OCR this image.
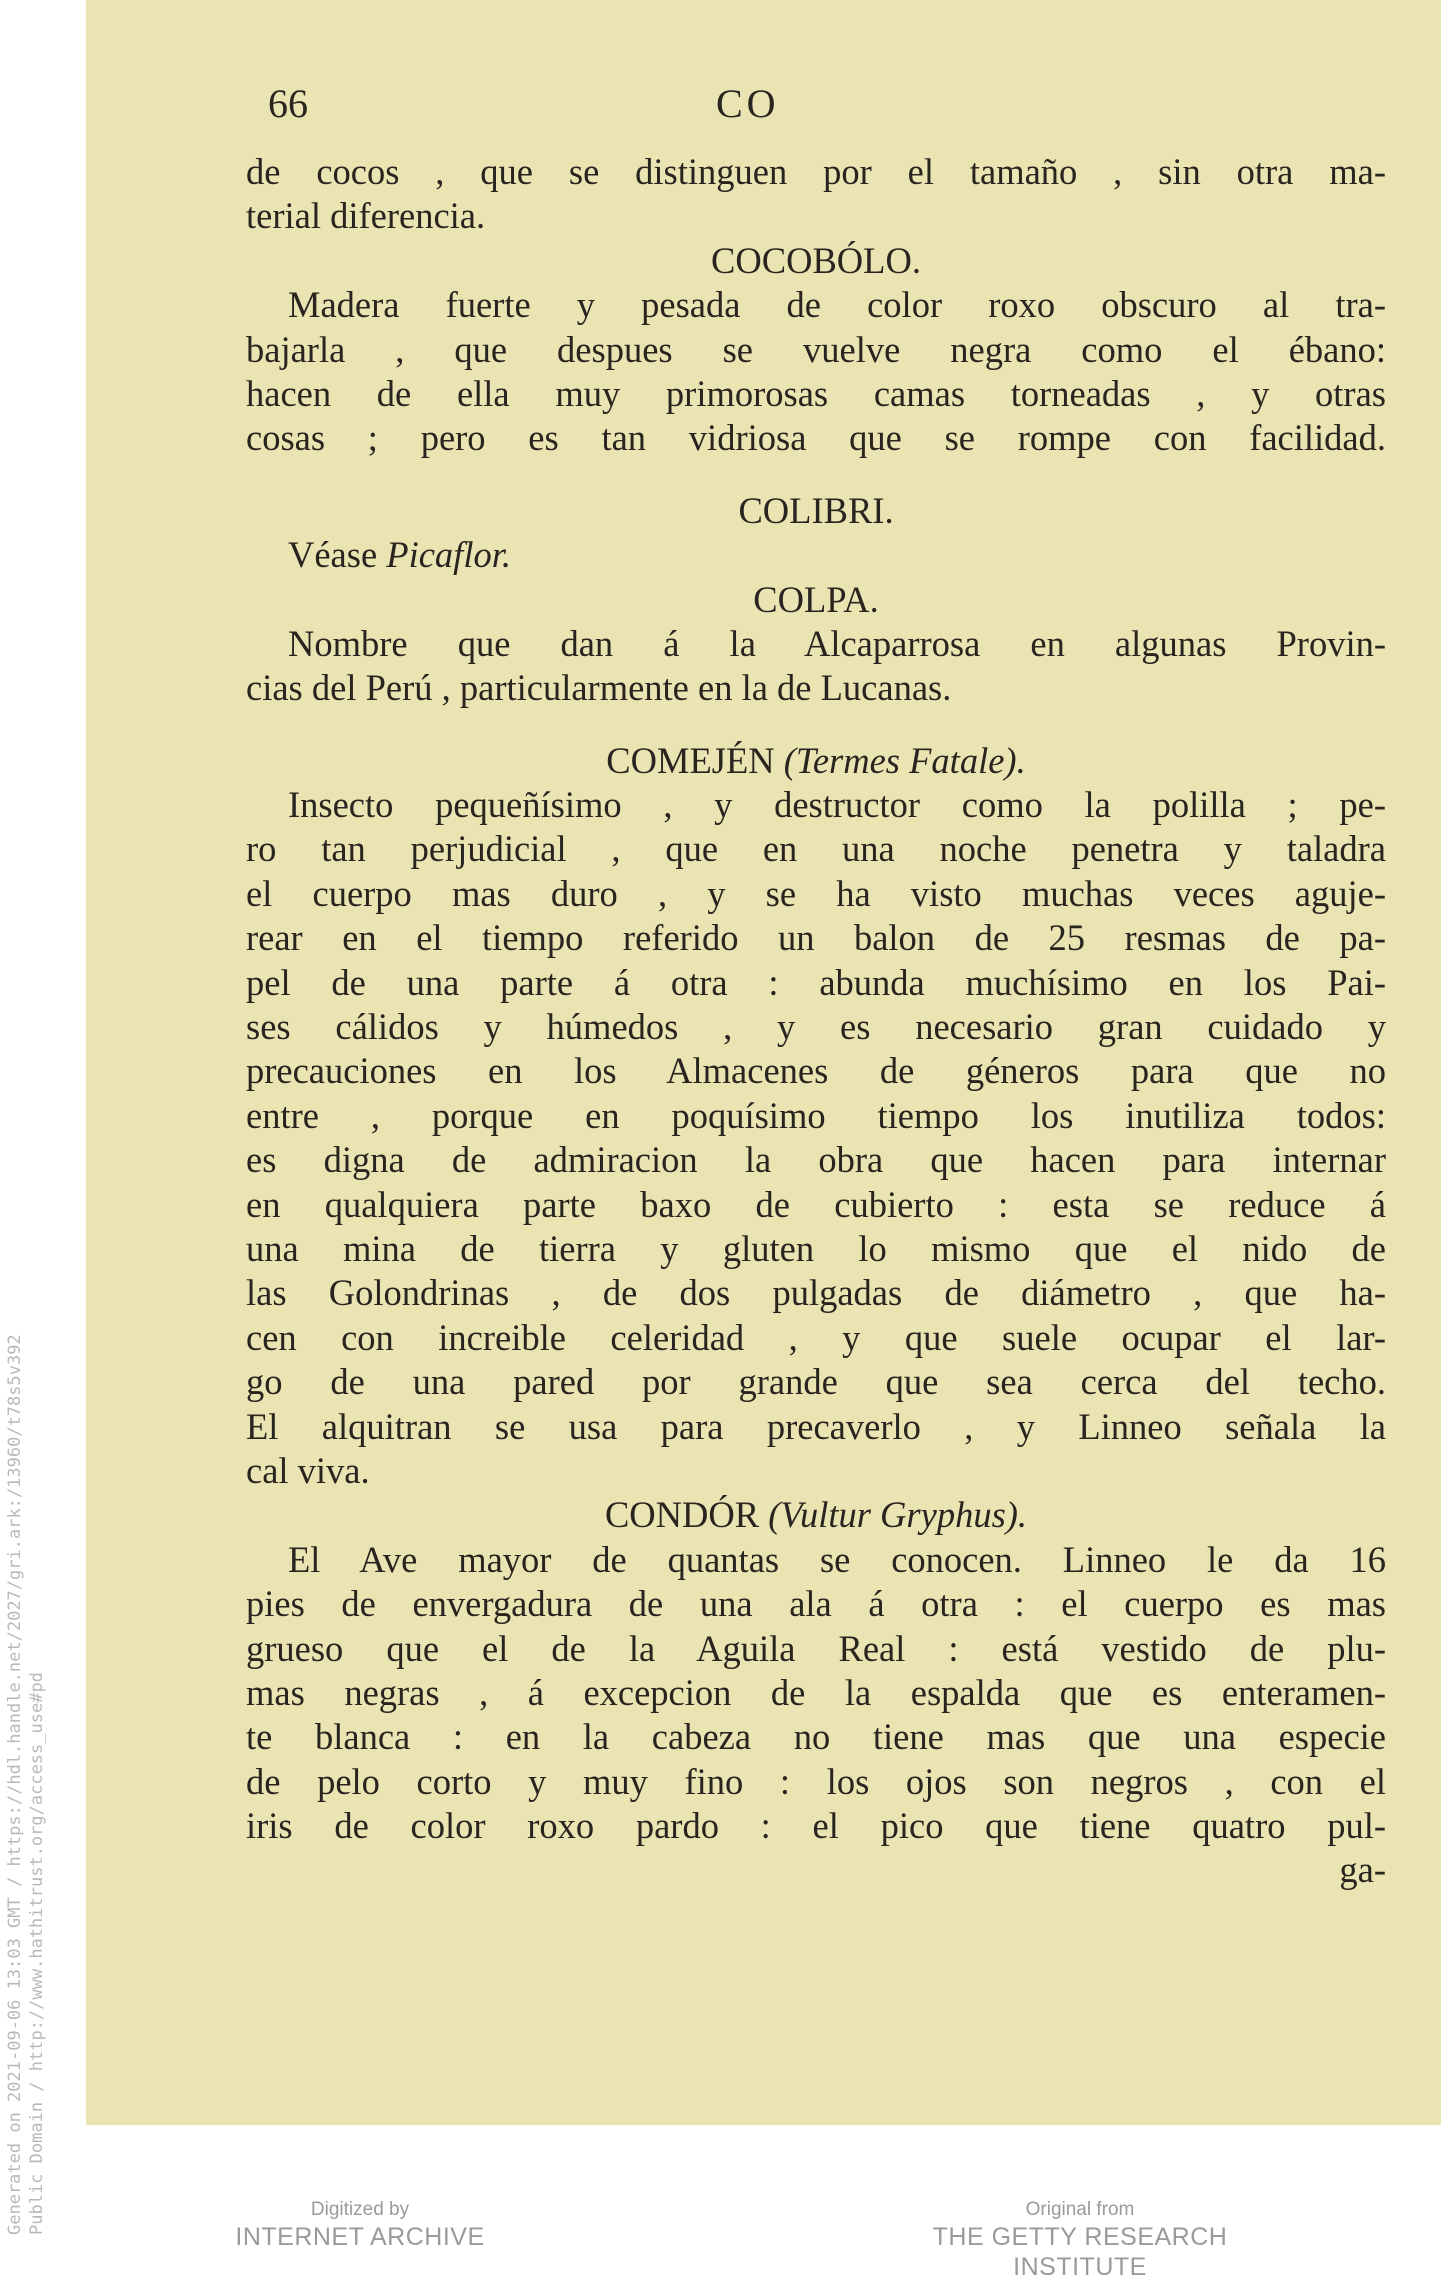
Generated on 2021-09-06 13:03 GMT / https://hdl.handle.net/2027/gri.ark:/13960/t78s5v392 Public Domain / http://www.hathitrust.org/access_use#pd
66	CO
de cocos , que se distinguen por el tamaño , sin otra ma-
terial diferencia.
COCOBÓLO.
Madera fuerte y pesada de color roxo obscuro al tra-
bajarla , que despues se vuelve negra como el ébano:
hacen de ella muy primorosas camas torneadas , y otras
cosas ; pero es tan vidriosa que se rompe con facilidad.
COLIBRI.
Véase Picaflor.
COLPA.
Nombre que dan á la Alcaparrosa en algunas Provin-
cias del Perú , particularmente en la de Lucanas.
COMEJÉN (Termes Fatale).
Insecto pequeñísimo , y destructor como la polilla ; pe-
ro tan perjudicial , que en una noche penetra y taladra
el cuerpo mas duro , y se ha visto muchas veces aguje-
rear en el tiempo referido un balon de 25 resmas de pa-
pel de una parte á otra : abunda muchísimo en los Pai-
ses cálidos y húmedos , y es necesario gran cuidado y
precauciones en los Almacenes de géneros para que no
entre , porque en poquísimo tiempo los inutiliza todos:
es digna de admiracion la obra que hacen para internar
en qualquiera parte baxo de cubierto : esta se reduce á
una mina de tierra y gluten lo mismo que el nido de
las Golondrinas , de dos pulgadas de diámetro , que ha-
cen con increible celeridad , y que suele ocupar el lar-
go de una pared por grande que sea cerca del techo.
El alquitran se usa para precaverlo , y Linneo señala la
cal viva.
CONDÓR (Vultur Gryphus).
El Ave mayor de quantas se conocen. Linneo le da 16
pies de envergadura de una ala á otra : el cuerpo es mas
grueso que el de la Aguila Real : está vestido de plu-
mas negras , á excepcion de la espalda que es enteramen-
te blanca : en la cabeza no tiene mas que una especie
de pelo corto y muy fino : los ojos son negros , con el
iris de color roxo pardo : el pico que tiene quatro pul-
ga-
Digitized by
INTERNET ARCHIVE
Original from
THE GETTY RESEARCH INSTITUTE
